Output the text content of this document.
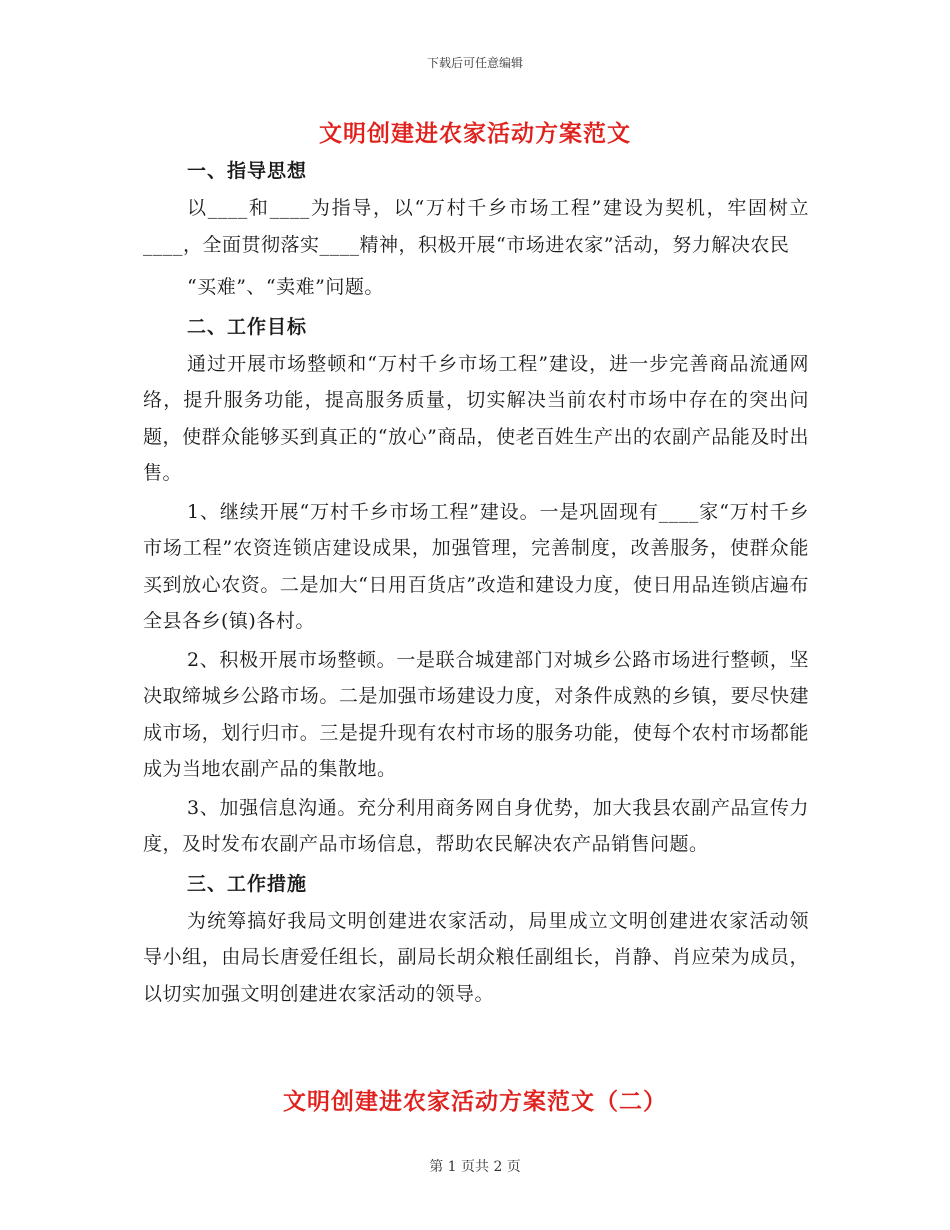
下载后可任意编辑
文明创建进农家活动方案范文
一、指导思想

以____和____为指导，以“万村千乡市场工程”建设为契机，牢固树立____，全面贯彻落实____精神，积极开展“市场进农家”活动，努力解决农民

“买难”、“卖难”问题。

二、工作目标

通过开展市场整顿和“万村千乡市场工程”建设，进一步完善商品流通网络，提升服务功能，提高服务质量，切实解决当前农村市场中存在的突出问题，使群众能够买到真正的“放心”商品，使老百姓生产出的农副产品能及时出售。

1、继续开展“万村千乡市场工程”建设。一是巩固现有____家“万村千乡市场工程”农资连锁店建设成果，加强管理，完善制度，改善服务，使群众能买到放心农资。二是加大“日用百货店”改造和建设力度，使日用品连锁店遍布全县各乡(镇)各村。

2、积极开展市场整顿。一是联合城建部门对城乡公路市场进行整顿，坚决取缔城乡公路市场。二是加强市场建设力度，对条件成熟的乡镇，要尽快建成市场，划行归市。三是提升现有农村市场的服务功能，使每个农村市场都能成为当地农副产品的集散地。

3、加强信息沟通。充分利用商务网自身优势，加大我县农副产品宣传力度，及时发布农副产品市场信息，帮助农民解决农产品销售问题。

三、工作措施

为统筹搞好我局文明创建进农家活动，局里成立文明创建进农家活动领导小组，由局长唐爱任组长，副局长胡众粮任副组长，肖静、肖应荣为成员，以切实加强文明创建进农家活动的领导。

文明创建进农家活动方案范文（二）
第 1 页共 2 页
